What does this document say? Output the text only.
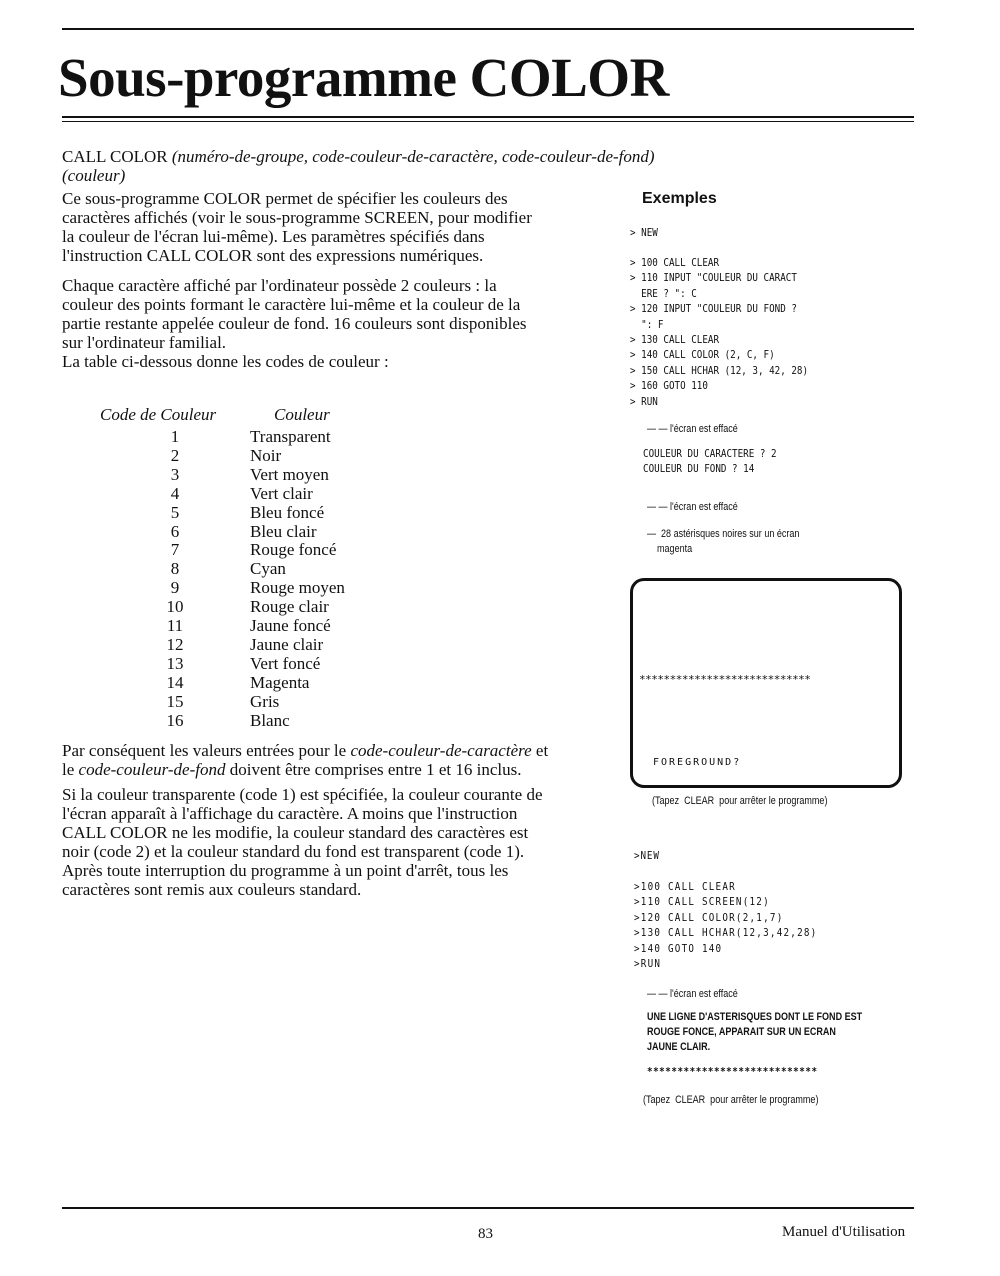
Sous-programme COLOR
CALL COLOR (numéro-de-groupe, code-couleur-de-caractère, code-couleur-de-fond)
(couleur)

Ce sous-programme COLOR permet de spécifier les couleurs des
caractères affichés (voir le sous-programme SCREEN, pour modifier
la couleur de l'écran lui-même). Les paramètres spécifiés dans
l'instruction CALL COLOR sont des expressions numériques.

Chaque caractère affiché par l'ordinateur possède 2 couleurs : la
couleur des points formant le caractère lui-même et la couleur de la
partie restante appelée couleur de fond. 16 couleurs sont disponibles
sur l'ordinateur familial.
La table ci-dessous donne les codes de couleur :

Code de Couleur	Couleur
1	Transparent
2	Noir
3	Vert moyen
4	Vert clair
5	Bleu foncé
6	Bleu clair
7	Rouge foncé
8	Cyan
9	Rouge moyen
10	Rouge clair
11	Jaune foncé
12	Jaune clair
13	Vert foncé
14	Magenta
15	Gris
16	Blanc

Par conséquent les valeurs entrées pour le code-couleur-de-caractère et
le code-couleur-de-fond doivent être comprises entre 1 et 16 inclus.

Si la couleur transparente (code 1) est spécifiée, la couleur courante de
l'écran apparaît à l'affichage du caractère. A moins que l'instruction
CALL COLOR ne les modifie, la couleur standard des caractères est
noir (code 2) et la couleur standard du fond est transparent (code 1).
Après toute interruption du programme à un point d'arrêt, tous les
caractères sont remis aux couleurs standard.

Exemples
> NEW
> 100 CALL CLEAR
> 110 INPUT "COULEUR DU CARACT
ERE ? ": C
> 120 INPUT "COULEUR DU FOND ?
": F
> 130 CALL CLEAR
> 140 CALL COLOR (2, C, F)
> 150 CALL HCHAR (12, 3, 42, 28)
> 160 GOTO 110
> RUN
— — l'écran est effacé
COULEUR DU CARACTERE ? 2
COULEUR DU FOND ? 14
— — l'écran est effacé
—  28 astérisques noires sur un écran
magenta
****************************
FOREGROUND?
(Tapez  CLEAR  pour arrêter le programme)
>NEW
>100 CALL CLEAR
>110 CALL SCREEN(12)
>120 CALL COLOR(2,1,7)
>130 CALL HCHAR(12,3,42,28)
>140 GOTO 140
>RUN
— — l'écran est effacé
UNE LIGNE D'ASTERISQUES DONT LE FOND EST
ROUGE FONCE, APPARAIT SUR UN ECRAN
JAUNE CLAIR.
****************************
(Tapez  CLEAR  pour arrêter le programme)
83	Manuel d'Utilisation
